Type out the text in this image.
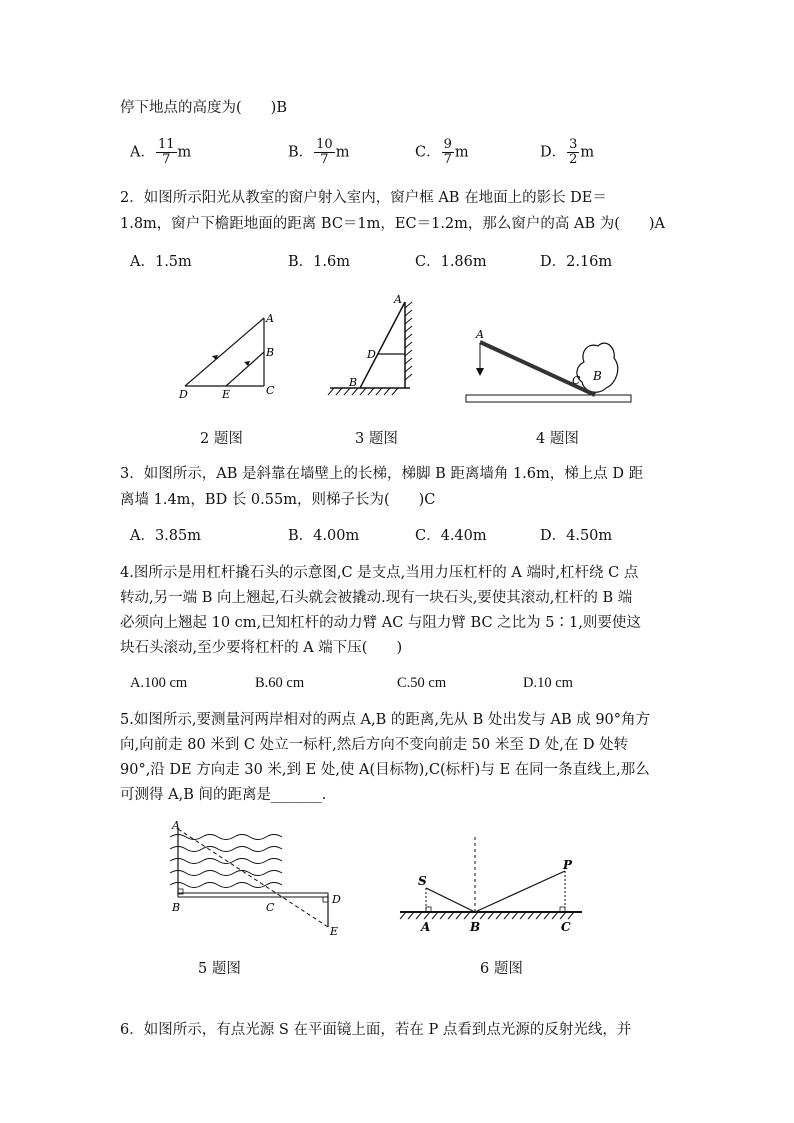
停下地点的高度为(　　)B
A． $\frac{11}{7}$ m	B． $\frac{10}{7}$ m	C． $\frac{9}{7}$ m	D． $\frac{3}{2}$ m
2．如图所示阳光从教室的窗户射入室内，窗户框 AB 在地面上的影长 DE＝
1.8m，窗户下檐距地面的距离 BC＝1m，EC＝1.2m，那么窗户的高 AB 为(　　)A
A．1.5m	B．1.6m	C．1.86m	D．2.16m
A
B
C
D	E
A
D
B
A
C B
2 题图	3 题图	4 题图
3．如图所示，AB 是斜靠在墙壁上的长梯，梯脚 B 距离墙角 1.6m，梯上点 D 距
离墙 1.4m，BD 长 0.55m，则梯子长为(　　)C
A．3.85m	B．4.00m	C．4.40m	D．4.50m
4.图所示是用杠杆撬石头的示意图,C 是支点,当用力压杠杆的 A 端时,杠杆绕 C 点
转动,另一端 B 向上翘起,石头就会被撬动.现有一块石头,要使其滚动,杠杆的 B 端
必须向上翘起 10 cm,已知杠杆的动力臂 AC 与阻力臂 BC 之比为 5∶1,则要使这
块石头滚动,至少要将杠杆的 A 端下压(　　)
A.100 cm	B.60 cm	C.50 cm	D.10 cm
5.如图所示,要测量河两岸相对的两点 A,B 的距离,先从 B 处出发与 AB 成 90°角方
向,向前走 80 米到 C 处立一标杆,然后方向不变向前走 50 米至 D 处,在 D 处转
90°,沿 DE 方向走 30 米,到 E 处,使 A(目标物),C(标杆)与 E 在同一条直线上,那么
可测得 A,B 间的距离是_______.
A
B	C
D
E
S
P
A	B	C
5 题图	6 题图
6．如图所示，有点光源 S 在平面镜上面，若在 P 点看到点光源的反射光线，并
